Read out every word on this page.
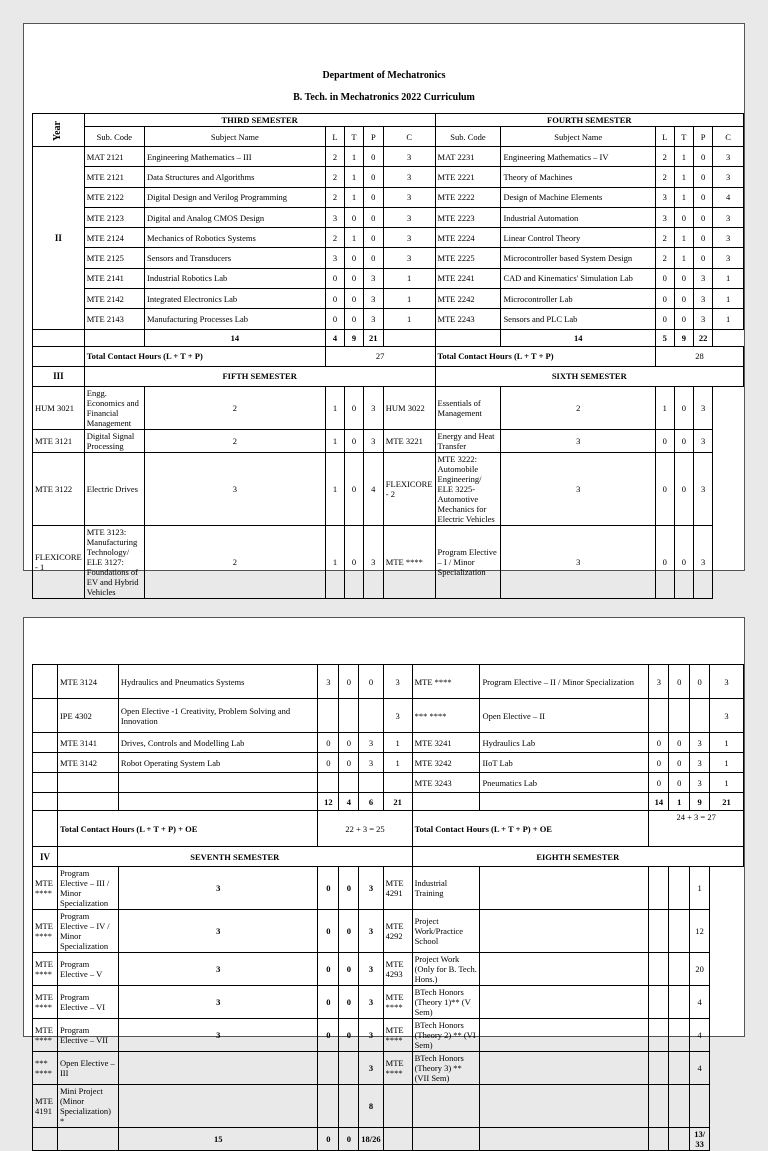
Department of Mechatronics
B. Tech. in Mechatronics 2022 Curriculum
Year	THIRD SEMESTER						FOURTH SEMESTER					
	Sub. Code	Subject Name	L	T	P	C	Sub. Code	Subject Name	L	T	P	C
II	MAT 2121	Engineering Mathematics – III	2	1	0	3	MAT 2231	Engineering Mathematics – IV	2	1	0	3
	MTE 2121	Data Structures and Algorithms	2	1	0	3	MTE 2221	Theory of Machines	2	1	0	3
	MTE 2122	Digital Design and Verilog Programming	2	1	0	3	MTE 2222	Design of Machine Elements	3	1	0	4
	MTE 2123	Digital and Analog CMOS Design	3	0	0	3	MTE 2223	Industrial Automation	3	0	0	3
	MTE 2124	Mechanics of Robotics Systems	2	1	0	3	MTE 2224	Linear Control Theory	2	1	0	3
	MTE 2125	Sensors and Transducers	3	0	0	3	MTE 2225	Microcontroller based System Design	2	1	0	3
	MTE 2141	Industrial Robotics Lab	0	0	3	1	MTE 2241	CAD and Kinematics' Simulation Lab	0	0	3	1
	MTE 2142	Integrated Electronics Lab	0	0	3	1	MTE 2242	Microcontroller Lab	0	0	3	1
	MTE 2143	Manufacturing Processes Lab	0	0	3	1	MTE 2243	Sensors and PLC Lab	0	0	3	1
		14	4	9	21			14	5	9	22	
	Total Contact Hours (L + T + P)		27				Total Contact Hours (L + T + P)		28			
III	FIFTH SEMESTER						SIXTH SEMESTER					
HUM 3021	Engg. Economics and Financial Management	2	1	0	3	HUM 3022	Essentials of Management	2	1	0	3	
MTE 3121	Digital Signal Processing	2	1	0	3	MTE 3221	Energy and Heat Transfer	3	0	0	3	
MTE 3122	Electric Drives	3	1	0	4	FLEXICORE - 2	MTE 3222: Automobile Engineering/ ELE 3225- Automotive Mechanics for Electric Vehicles	3	0	0	3	
FLEXICORE - 1	MTE 3123: Manufacturing Technology/ ELE 3127: Foundations of EV and Hybrid Vehicles	2	1	0	3	MTE ****	Program Elective – I / Minor Specialization	3	0	0	3	
	MTE 3124	Hydraulics and Pneumatics Systems	3	0	0	3	MTE ****	Program Elective – II / Minor Specialization	3	0	0	3
	IPE 4302	Open Elective -1 Creativity, Problem Solving and Innovation				3	*** ****	Open Elective – II				3
	MTE 3141	Drives, Controls and Modelling Lab	0	0	3	1	MTE 3241	Hydraulics Lab	0	0	3	1
	MTE 3142	Robot Operating System Lab	0	0	3	1	MTE 3242	IIoT Lab	0	0	3	1
							MTE 3243	Pneumatics Lab	0	0	3	1
			12	4	6	21			14	1	9	21
	Total Contact Hours (L + T + P) + OE		22 + 3 = 25				Total Contact Hours (L + T + P) + OE		24 + 3 = 27			
IV	SEVENTH SEMESTER						EIGHTH SEMESTER					
MTE ****	Program Elective – III / Minor Specialization	3	0	0	3	MTE 4291	Industrial Training				1	
MTE ****	Program Elective – IV / Minor Specialization	3	0	0	3	MTE 4292	Project Work/Practice School				12	
MTE ****	Program Elective – V	3	0	0	3	MTE 4293	Project Work (Only for B. Tech. Hons.)				20	
MTE ****	Program Elective – VI	3	0	0	3	MTE ****	BTech Honors (Theory 1)** (V Sem)				4	
MTE ****	Program Elective – VII	3	0	0	3	MTE ****	BTech Honors (Theory 2) ** (VI Sem)				4	
*** ****	Open Elective – III				3	MTE ****	BTech Honors (Theory 3) ** (VII Sem)				4	
MTE 4191	Mini Project (Minor Specialization) *				8							
		15	0	0	18/26						13/ 33	
